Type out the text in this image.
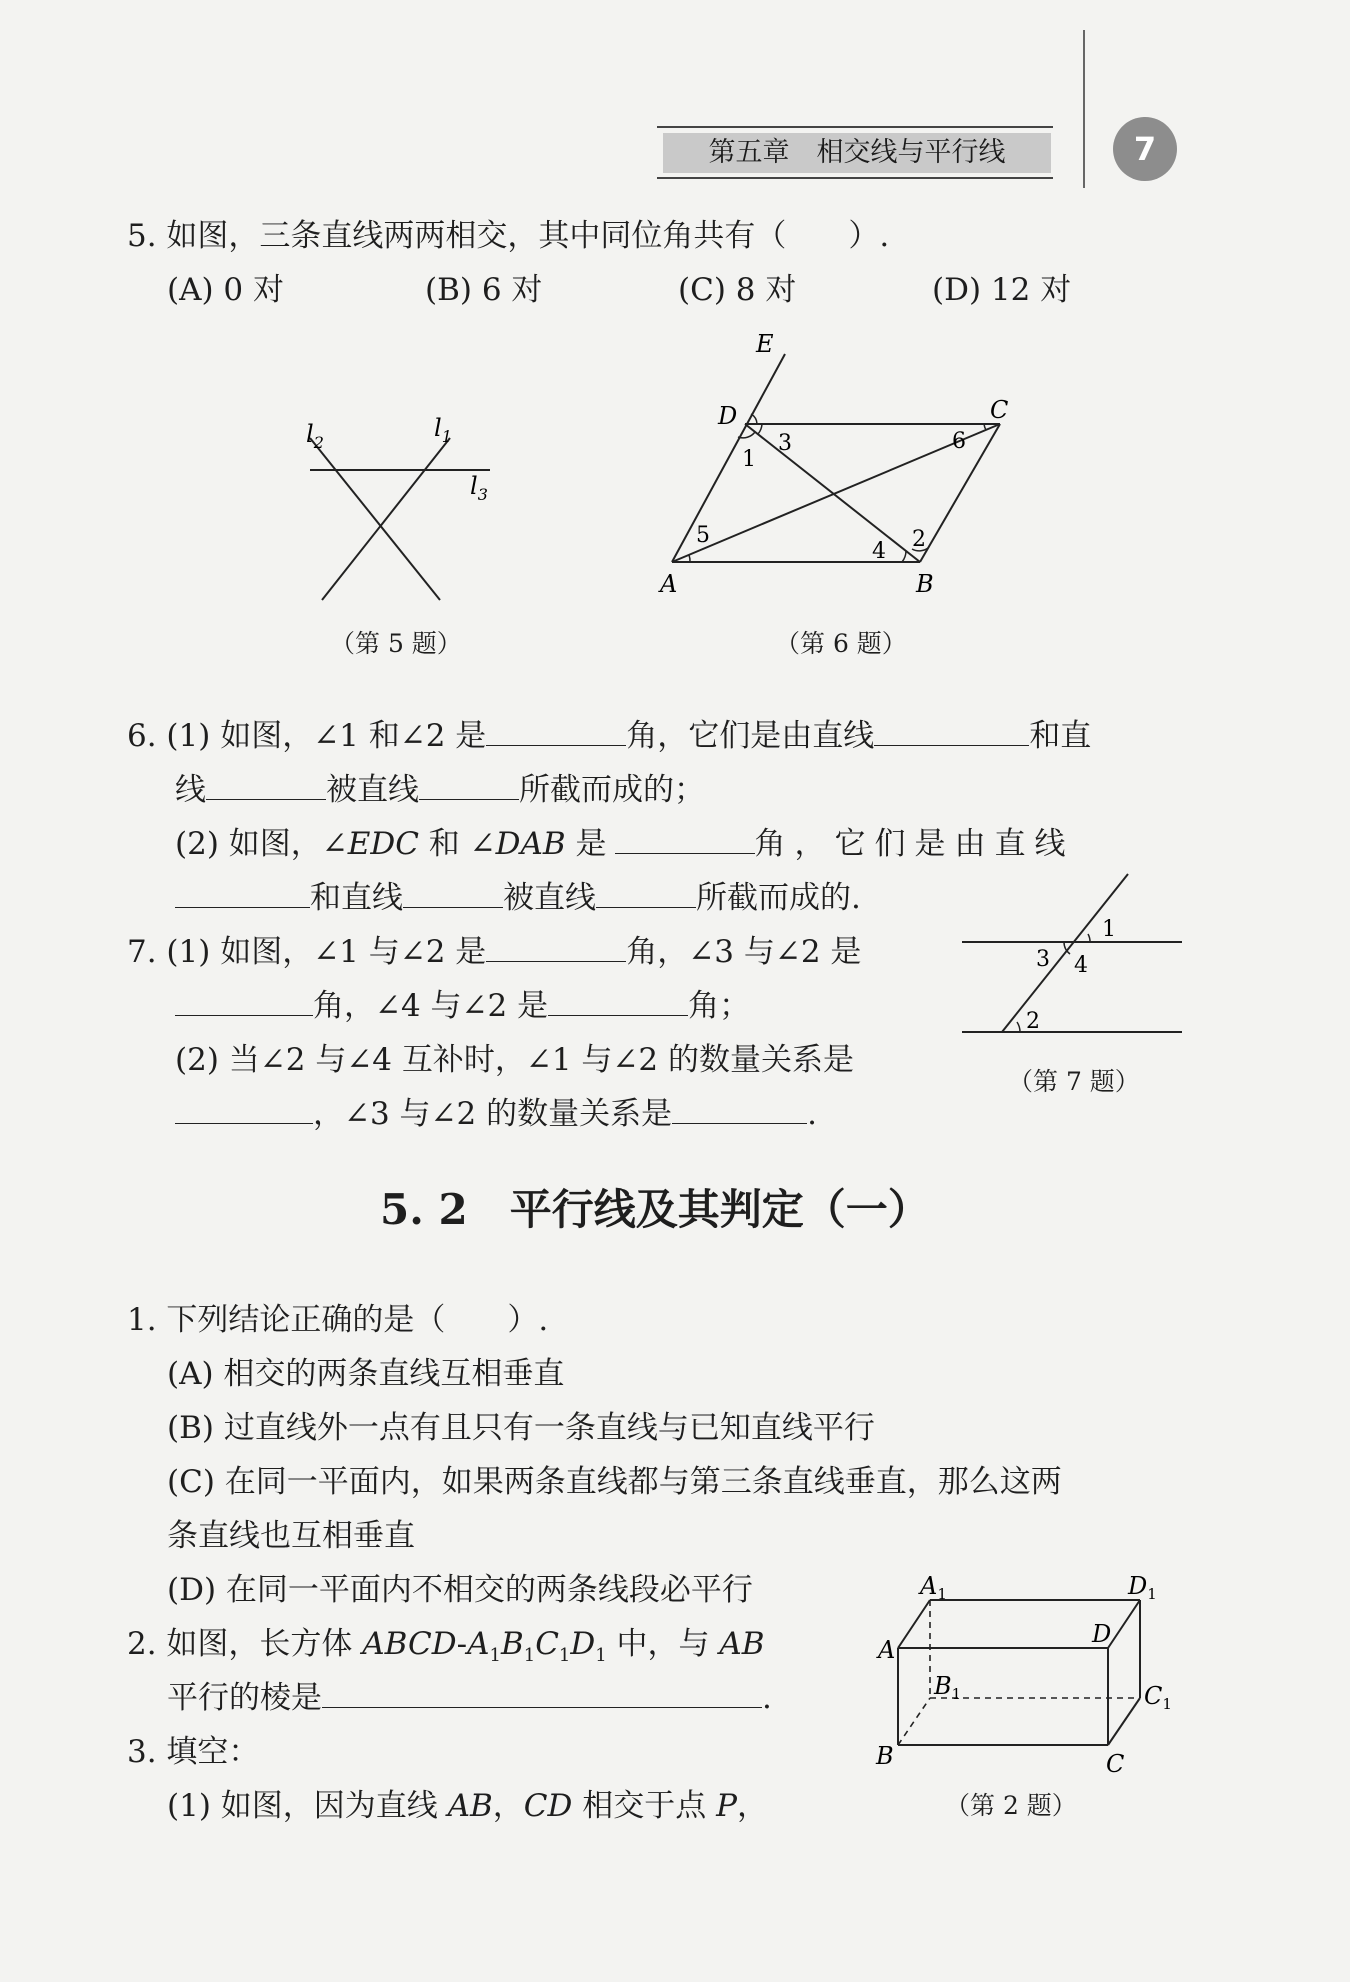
第五章　相交线与平行线	7
5. 如图，三条直线两两相交，其中同位角共有（　　）.
(A) 0 对	(B) 6 对	(C) 8 对	(D) 12 对
$l_2$
$l_1$
$l_3$
（第 5 题）
E
D	C
A	B
1
2
3
4
5
6
（第 6 题）
6. (1) 如图，∠1 和∠2 是	角，它们是由直线	和直
线	被直线	所截而成的；
(2) 如图，∠EDC 和 ∠DAB 是	角，它们是由直线
和直线	被直线	所截而成的.
7. (1) 如图，∠1 与∠2 是	角，∠3 与∠2 是
角，∠4 与∠2 是	角；
(2) 当∠2 与∠4 互补时，∠1 与∠2 的数量关系是
，∠3 与∠2 的数量关系是	.
1
2
3 4
（第 7 题）
5. 2　平行线及其判定（一）
1. 下列结论正确的是（　　）.
(A) 相交的两条直线互相垂直
(B) 过直线外一点有且只有一条直线与已知直线平行
(C) 在同一平面内，如果两条直线都与第三条直线垂直，那么这两
条直线也互相垂直
(D) 在同一平面内不相交的两条线段必平行
2. 如图，长方体 ABCD-$A_1B_1C_1D_1$ 中，与 AB
平行的棱是	.
3. 填空：
(1) 如图，因为直线 AB，CD 相交于点 P，
$A_1$	$D_1$
A
D
$B_1$	$C_1$
B	C
（第 2 题）
